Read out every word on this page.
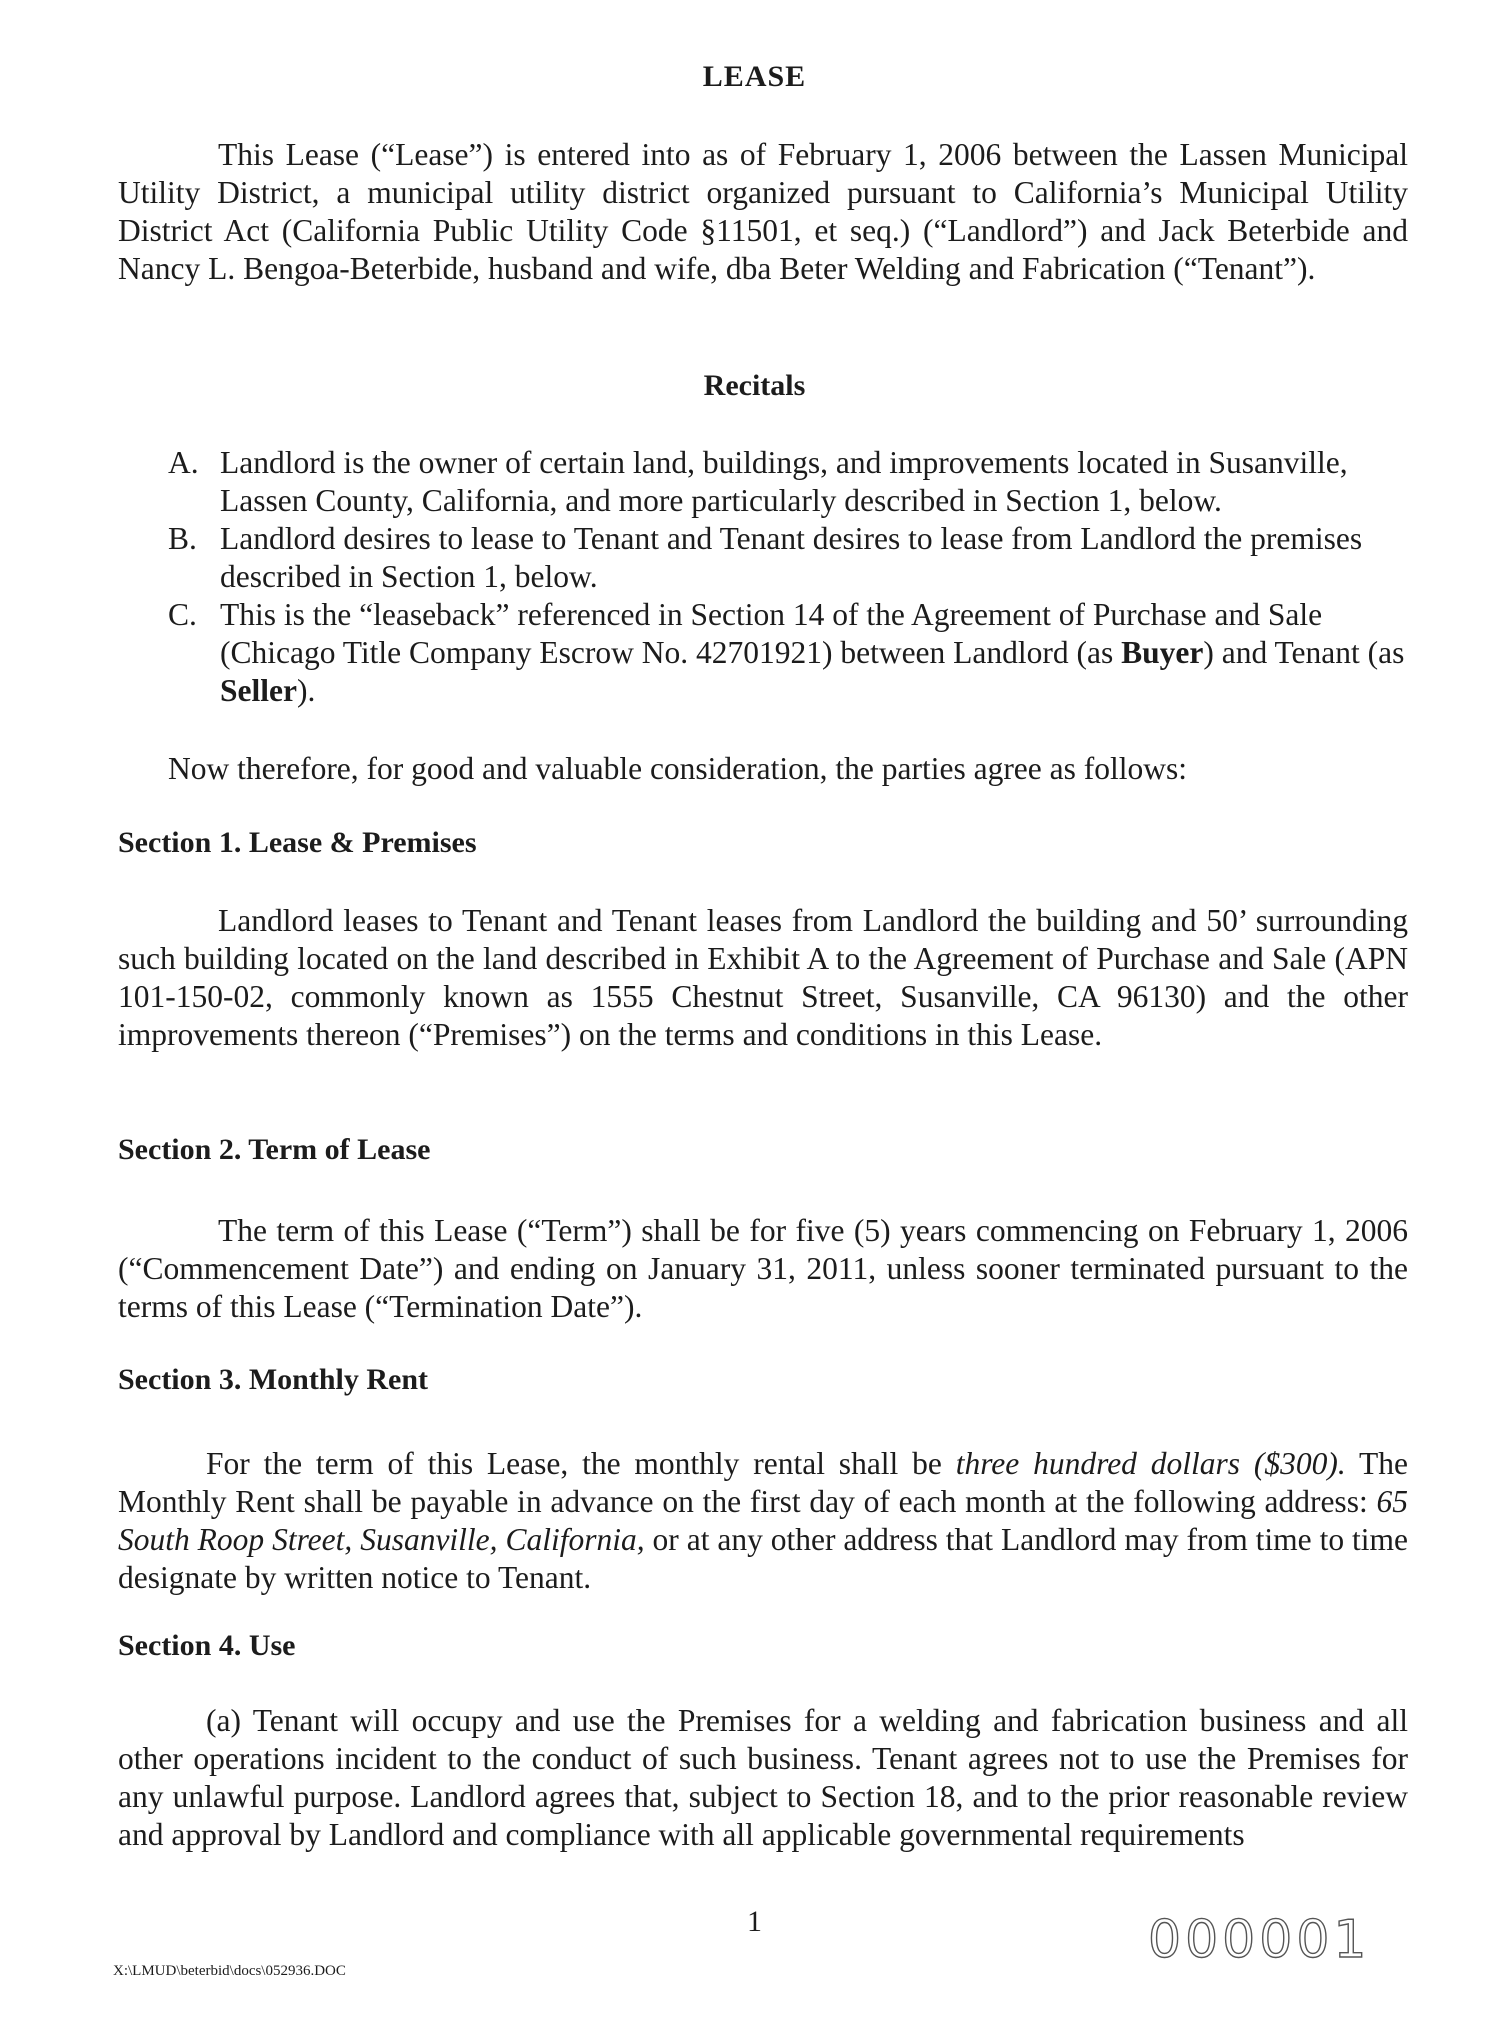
LEASE

This Lease (“Lease”) is entered into as of February 1, 2006 between the Lassen Municipal Utility District, a municipal utility district organized pursuant to California’s Municipal Utility District Act (California Public Utility Code §11501, et seq.) (“Landlord”) and Jack Beterbide and Nancy L. Bengoa-Beterbide, husband and wife, dba Beter Welding and Fabrication (“Tenant”).

Recitals
A. Landlord is the owner of certain land, buildings, and improvements located in Susanville, Lassen County, California, and more particularly described in Section 1, below.
B. Landlord desires to lease to Tenant and Tenant desires to lease from Landlord the premises described in Section 1, below.
C. This is the “leaseback” referenced in Section 14 of the Agreement of Purchase and Sale (Chicago Title Company Escrow No. 42701921) between Landlord (as Buyer) and Tenant (as Seller).

Now therefore, for good and valuable consideration, the parties agree as follows:

Section 1. Lease & Premises

Landlord leases to Tenant and Tenant leases from Landlord the building and 50’ surrounding such building located on the land described in Exhibit A to the Agreement of Purchase and Sale (APN 101-150-02, commonly known as 1555 Chestnut Street, Susanville, CA 96130) and the other improvements thereon (“Premises”) on the terms and conditions in this Lease.

Section 2. Term of Lease

The term of this Lease (“Term”) shall be for five (5) years commencing on February 1, 2006 (“Commencement Date”) and ending on January 31, 2011, unless sooner terminated pursuant to the terms of this Lease (“Termination Date”).

Section 3. Monthly Rent

For the term of this Lease, the monthly rental shall be three hundred dollars ($300). The Monthly Rent shall be payable in advance on the first day of each month at the following address: 65 South Roop Street, Susanville, California, or at any other address that Landlord may from time to time designate by written notice to Tenant.

Section 4. Use

(a) Tenant will occupy and use the Premises for a welding and fabrication business and all other operations incident to the conduct of such business. Tenant agrees not to use the Premises for any unlawful purpose. Landlord agrees that, subject to Section 18, and to the prior reasonable review and approval by Landlord and compliance with all applicable governmental requirements

1
X:\LMUD\beterbid\docs\052936.DOC
000001
